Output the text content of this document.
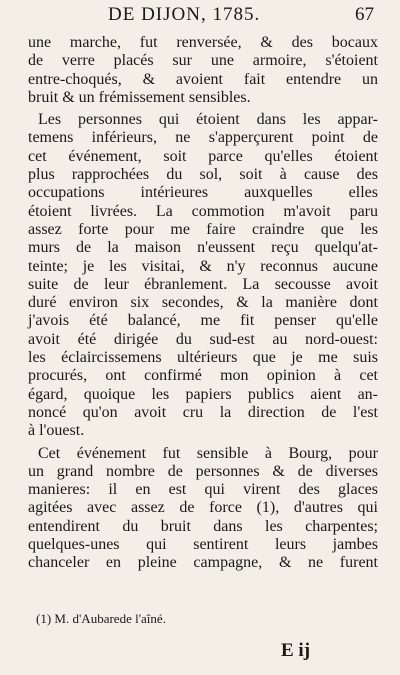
DE DIJON, 1785.	67
une marche, fut renversée, & des bocaux
de verre placés sur une armoire, s'étoient
entre-choqués, & avoient fait entendre un
bruit & un frémissement sensibles.
Les personnes qui étoient dans les appar-
temens inférieurs, ne s'apperçurent point de
cet événement, soit parce qu'elles étoient
plus rapprochées du sol, soit à cause des
occupations intérieures auxquelles elles
étoient livrées. La commotion m'avoit paru
assez forte pour me faire craindre que les
murs de la maison n'eussent reçu quelqu'at-
teinte; je les visitai, & n'y reconnus aucune
suite de leur ébranlement. La secousse avoit
duré environ six secondes, & la manière dont
j'avois été balancé, me fit penser qu'elle
avoit été dirigée du sud-est au nord-ouest:
les éclaircissemens ultérieurs que je me suis
procurés, ont confirmé mon opinion à cet
égard, quoique les papiers publics aient an-
noncé qu'on avoit cru la direction de l'est
à l'ouest.
Cet événement fut sensible à Bourg, pour
un grand nombre de personnes & de diverses
manieres: il en est qui virent des glaces
agitées avec assez de force (1), d'autres qui
entendirent du bruit dans les charpentes;
quelques-unes qui sentirent leurs jambes
chanceler en pleine campagne, & ne furent
(1) M. d'Aubarede l'aîné.
E ij
